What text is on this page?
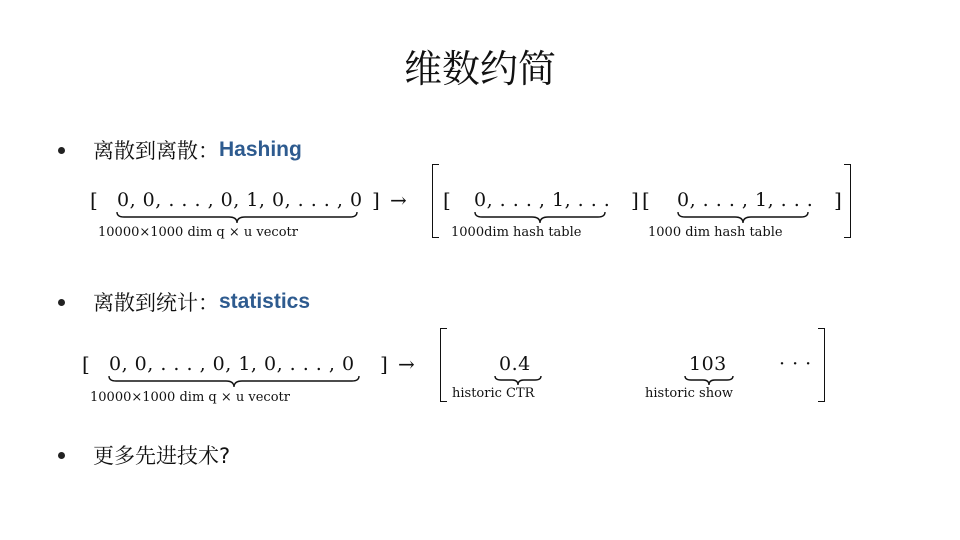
维数约简
离散到离散： Hashing
[ 0, 0, . . . , 0, 1, 0, . . . , 0
10000×1000 dim q × u vecotr
] → [ 0, . . . , 1, . . .
1000dim hash table
] [ 0, . . . , 1, . . .
1000 dim hash table
]
离散到统计： statistics
[ 0, 0, . . . , 0, 1, 0, . . . , 0
10000×1000 dim q × u vecotr
] →	0.4
historic CTR
103
historic show
· · ·
更多先进技术?
